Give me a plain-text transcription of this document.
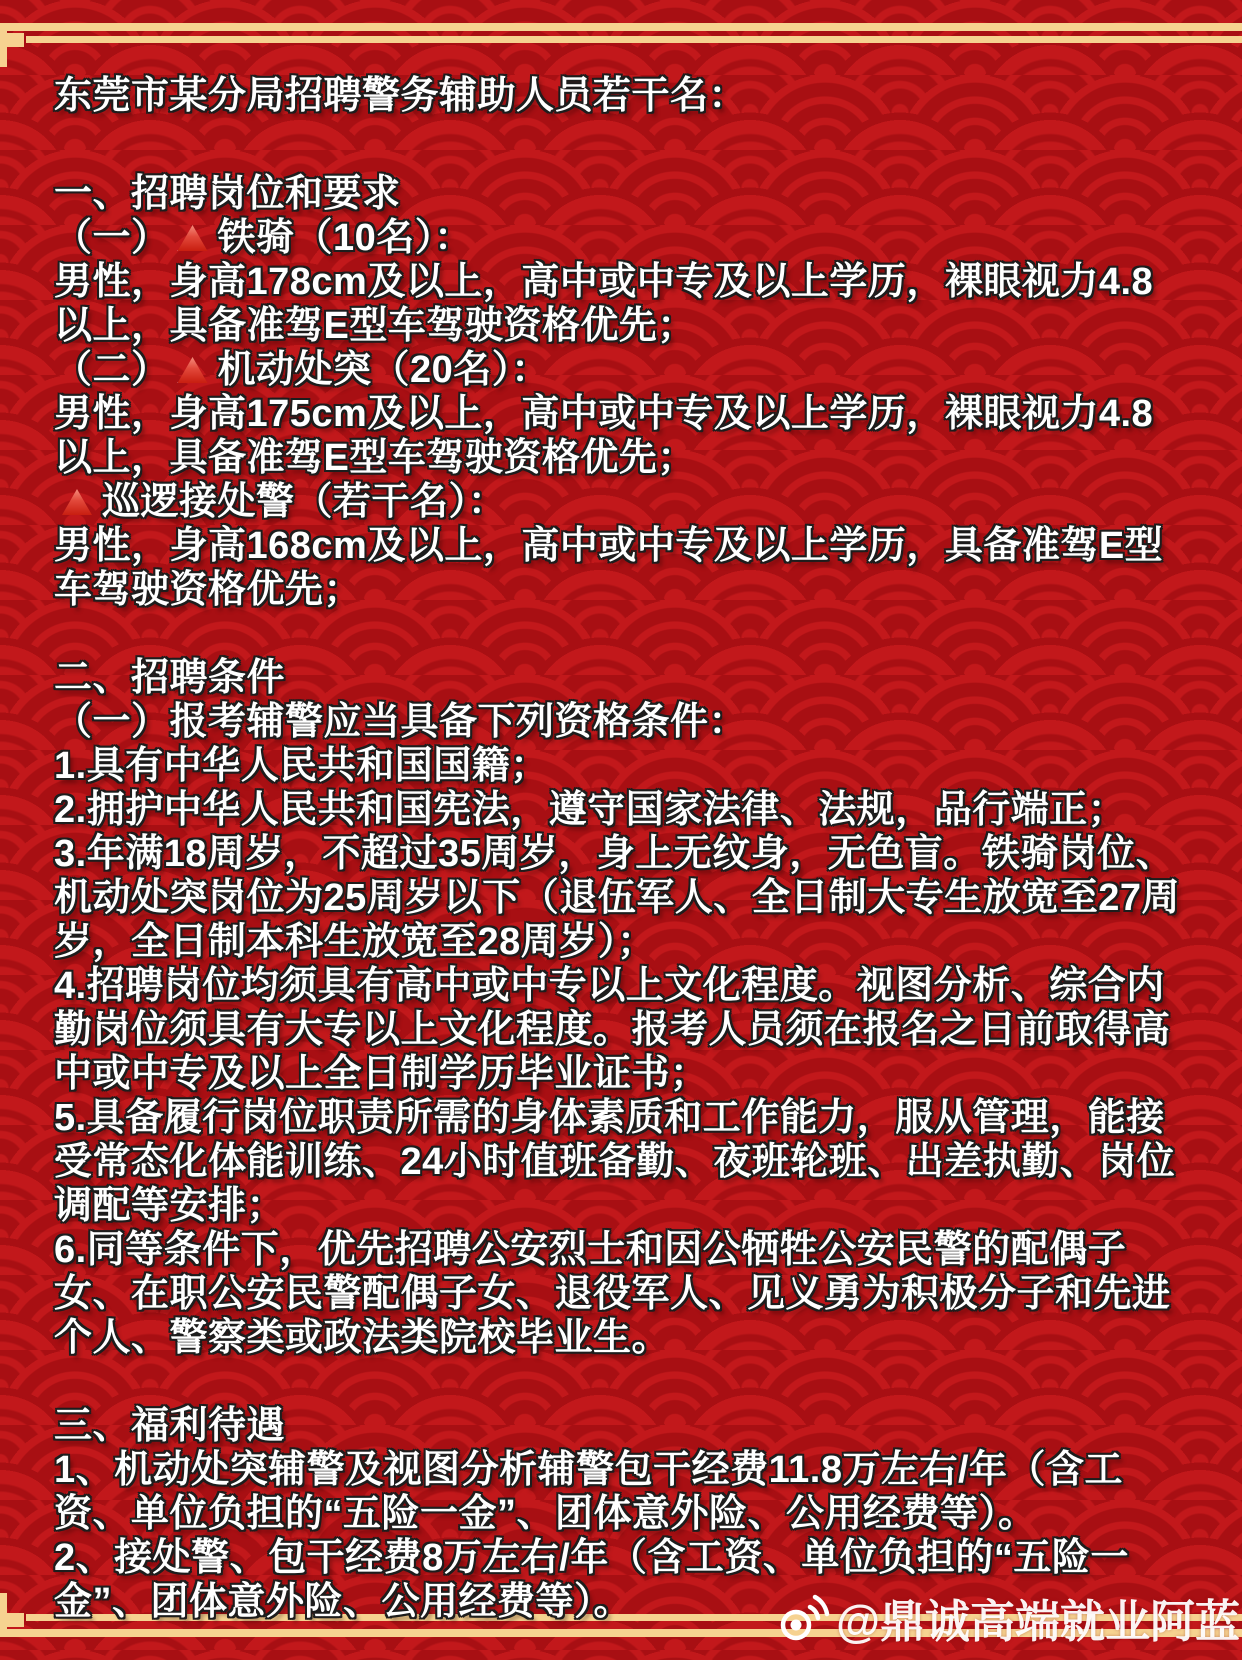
东莞市某分局招聘警务辅助人员若干名：
一、招聘岗位和要求
（一） 铁骑（10名）：
男性，身高178cm及以上，高中或中专及以上学历，裸眼视力4.8以上，具备准驾E型车驾驶资格优先；
（二） 机动处突（20名）：
男性，身高175cm及以上，高中或中专及以上学历，裸眼视力4.8以上，具备准驾E型车驾驶资格优先；
巡逻接处警（若干名）：
男性，身高168cm及以上，高中或中专及以上学历，具备准驾E型车驾驶资格优先；
二、招聘条件
（一）报考辅警应当具备下列资格条件：
1.具有中华人民共和国国籍；
2.拥护中华人民共和国宪法，遵守国家法律、法规，品行端正；
3.年满18周岁，不超过35周岁，身上无纹身，无色盲。铁骑岗位、机动处突岗位为25周岁以下（退伍军人、全日制大专生放宽至27周岁，全日制本科生放宽至28周岁）；
4.招聘岗位均须具有高中或中专以上文化程度。视图分析、综合内勤岗位须具有大专以上文化程度。报考人员须在报名之日前取得高中或中专及以上全日制学历毕业证书；
5.具备履行岗位职责所需的身体素质和工作能力，服从管理，能接受常态化体能训练、24小时值班备勤、夜班轮班、出差执勤、岗位调配等安排；
6.同等条件下，优先招聘公安烈士和因公牺牲公安民警的配偶子女、在职公安民警配偶子女、退役军人、见义勇为积极分子和先进个人、警察类或政法类院校毕业生。
三、福利待遇
1、机动处突辅警及视图分析辅警包干经费11.8万左右/年（含工资、单位负担的“五险一金”、团体意外险、公用经费等）。
2、接处警、包干经费8万左右/年（含工资、单位负担的“五险一金”、团体意外险、公用经费等）。	@鼎诚高端就业阿蓝
